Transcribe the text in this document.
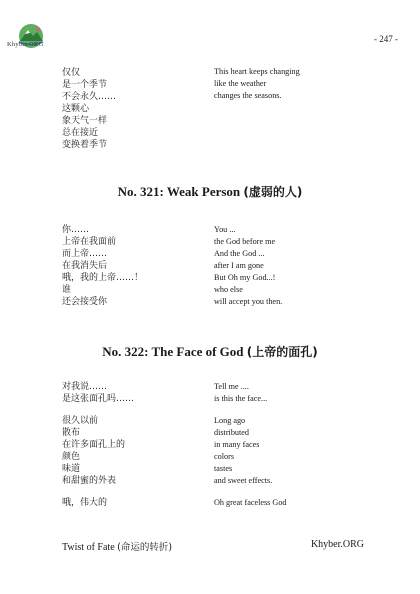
Khyber.ORG
- 247 -
仅仅
是一个季节
不会永久……
这颗心
象天气一样
总在接近
变换着季节
This heart keeps changing
like the weather
changes the seasons.
No. 321: Weak Person (虚弱的人)
你……
上帝在我面前
而上帝……
在我消失后
哦，我的上帝……！
谁
还会接受你
You ...
the God before me
And the God ...
after I am gone
But Oh my God...!
who else
will accept you then.
No. 322: The Face of God (上帝的面孔)
对我说……
是这张面孔吗……
很久以前
散布
在许多面孔上的
颜色
味道
和甜蜜的外表
哦，伟大的
Tell me ....
is this the face...
Long ago
distributed
in many faces
colors
tastes
and sweet effects.
Oh great faceless God
Twist of Fate (命运的转折)	Khyber.ORG
